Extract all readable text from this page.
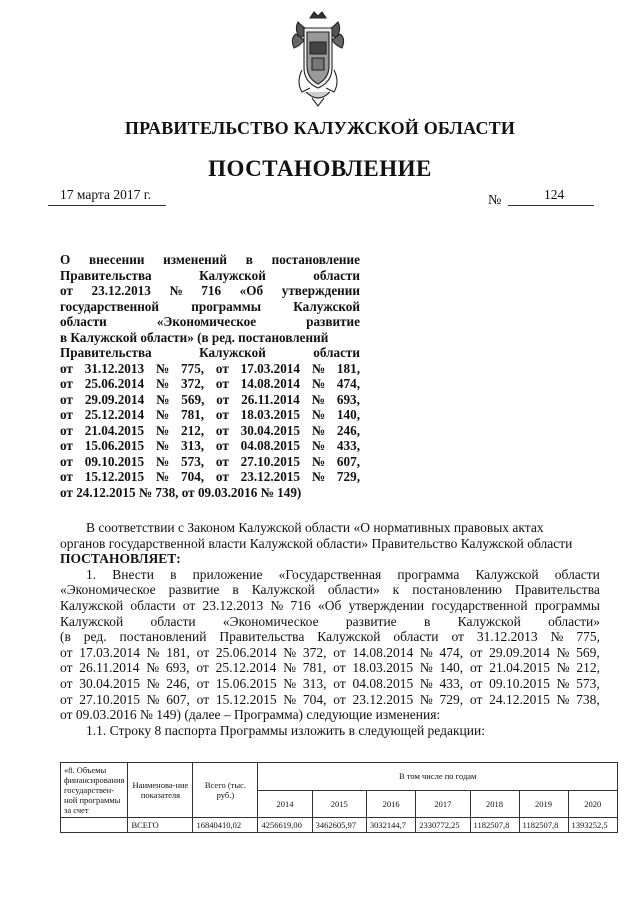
ПРАВИТЕЛЬСТВО КАЛУЖСКОЙ ОБЛАСТИ
ПОСТАНОВЛЕНИЕ
17 марта 2017 г.	№	124
О внесении изменений в постановление
Правительства	Калужской	области
от 23.12.2013 № 716 «Об утверждении
государственной программы Калужской
области	«Экономическое	развитие
в Калужской области» (в ред. постановлений
Правительства	Калужской	области
от 31.12.2013 № 775, от 17.03.2014 № 181,
от 25.06.2014 № 372, от 14.08.2014 № 474,
от 29.09.2014 № 569, от 26.11.2014 № 693,
от 25.12.2014 № 781, от 18.03.2015 № 140,
от 21.04.2015 № 212, от 30.04.2015 № 246,
от 15.06.2015 № 313, от 04.08.2015 № 433,
от 09.10.2015 № 573, от 27.10.2015 № 607,
от 15.12.2015 № 704, от 23.12.2015 № 729,
от 24.12.2015 № 738, от 09.03.2016 № 149)

В соответствии с Законом Калужской области «О нормативных правовых актах

органов государственной власти Калужской области» Правительство Калужской области

ПОСТАНОВЛЯЕТ:

1. Внести в приложение «Государственная программа Калужской области
«Экономическое развитие в Калужской области» к постановлению Правительства
Калужской области от 23.12.2013 № 716 «Об утверждении государственной программы
Калужской области «Экономическое развитие в Калужской области»
(в ред. постановлений Правительства Калужской области от 31.12.2013 № 775,
от 17.03.2014 № 181, от 25.06.2014 № 372, от 14.08.2014 № 474, от 29.09.2014 № 569,
от 26.11.2014 № 693, от 25.12.2014 № 781, от 18.03.2015 № 140, от 21.04.2015 № 212,
от 30.04.2015 № 246, от 15.06.2015 № 313, от 04.08.2015 № 433, от 09.10.2015 № 573,
от 27.10.2015 № 607, от 15.12.2015 № 704, от 23.12.2015 № 729, от 24.12.2015 № 738,

от 09.03.2016 № 149) (далее – Программа) следующие изменения:

1.1. Строку 8 паспорта Программы изложить в следующей редакции:

«8. Объемы финансирования государствен-ной программы за счет	Наименова-ние показателя	Всего (тыс. руб.)	В том числе по годам						
			2014	2015	2016	2017	2018	2019	2020
	ВСЕГО	16840410,02	4256619,00	3462605,97	3032144,7	2330772,25	1182507,8	1182507,8	1393252,5
